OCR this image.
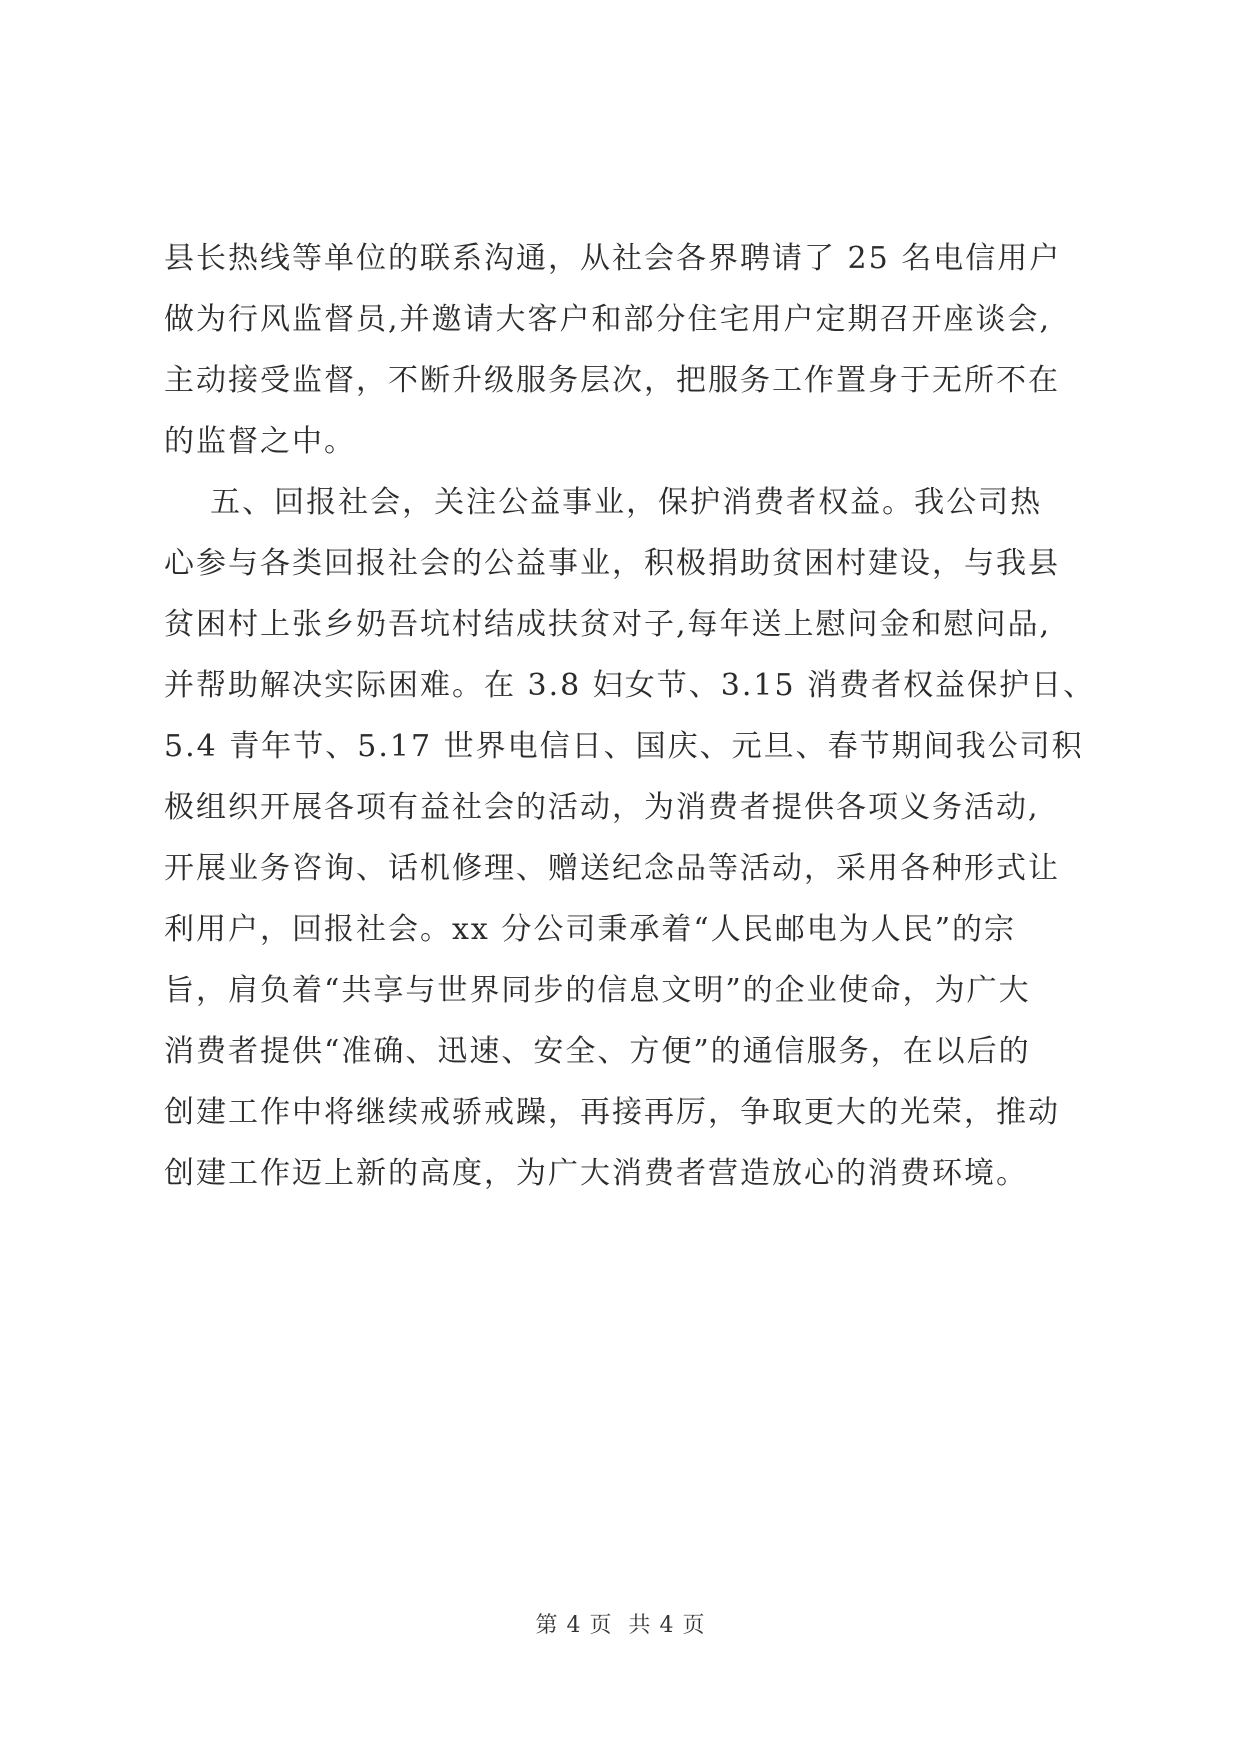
县长热线等单位的联系沟通，从社会各界聘请了 25 名电信用户
做为行风监督员,并邀请大客户和部分住宅用户定期召开座谈会,
主动接受监督，不断升级服务层次，把服务工作置身于无所不在
的监督之中。
五、回报社会，关注公益事业，保护消费者权益。我公司热
心参与各类回报社会的公益事业，积极捐助贫困村建设，与我县
贫困村上张乡奶吾坑村结成扶贫对子,每年送上慰问金和慰问品,
并帮助解决实际困难。在 3.8 妇女节、3.15 消费者权益保护日、
5.4 青年节、5.17 世界电信日、国庆、元旦、春节期间我公司积
极组织开展各项有益社会的活动，为消费者提供各项义务活动,
开展业务咨询、话机修理、赠送纪念品等活动，采用各种形式让
利用户，回报社会。xx 分公司秉承着“人民邮电为人民”的宗
旨，肩负着“共享与世界同步的信息文明”的企业使命，为广大
消费者提供“准确、迅速、安全、方便”的通信服务，在以后的
创建工作中将继续戒骄戒躁，再接再厉，争取更大的光荣，推动
创建工作迈上新的高度，为广大消费者营造放心的消费环境。
第 4 页  共 4 页
